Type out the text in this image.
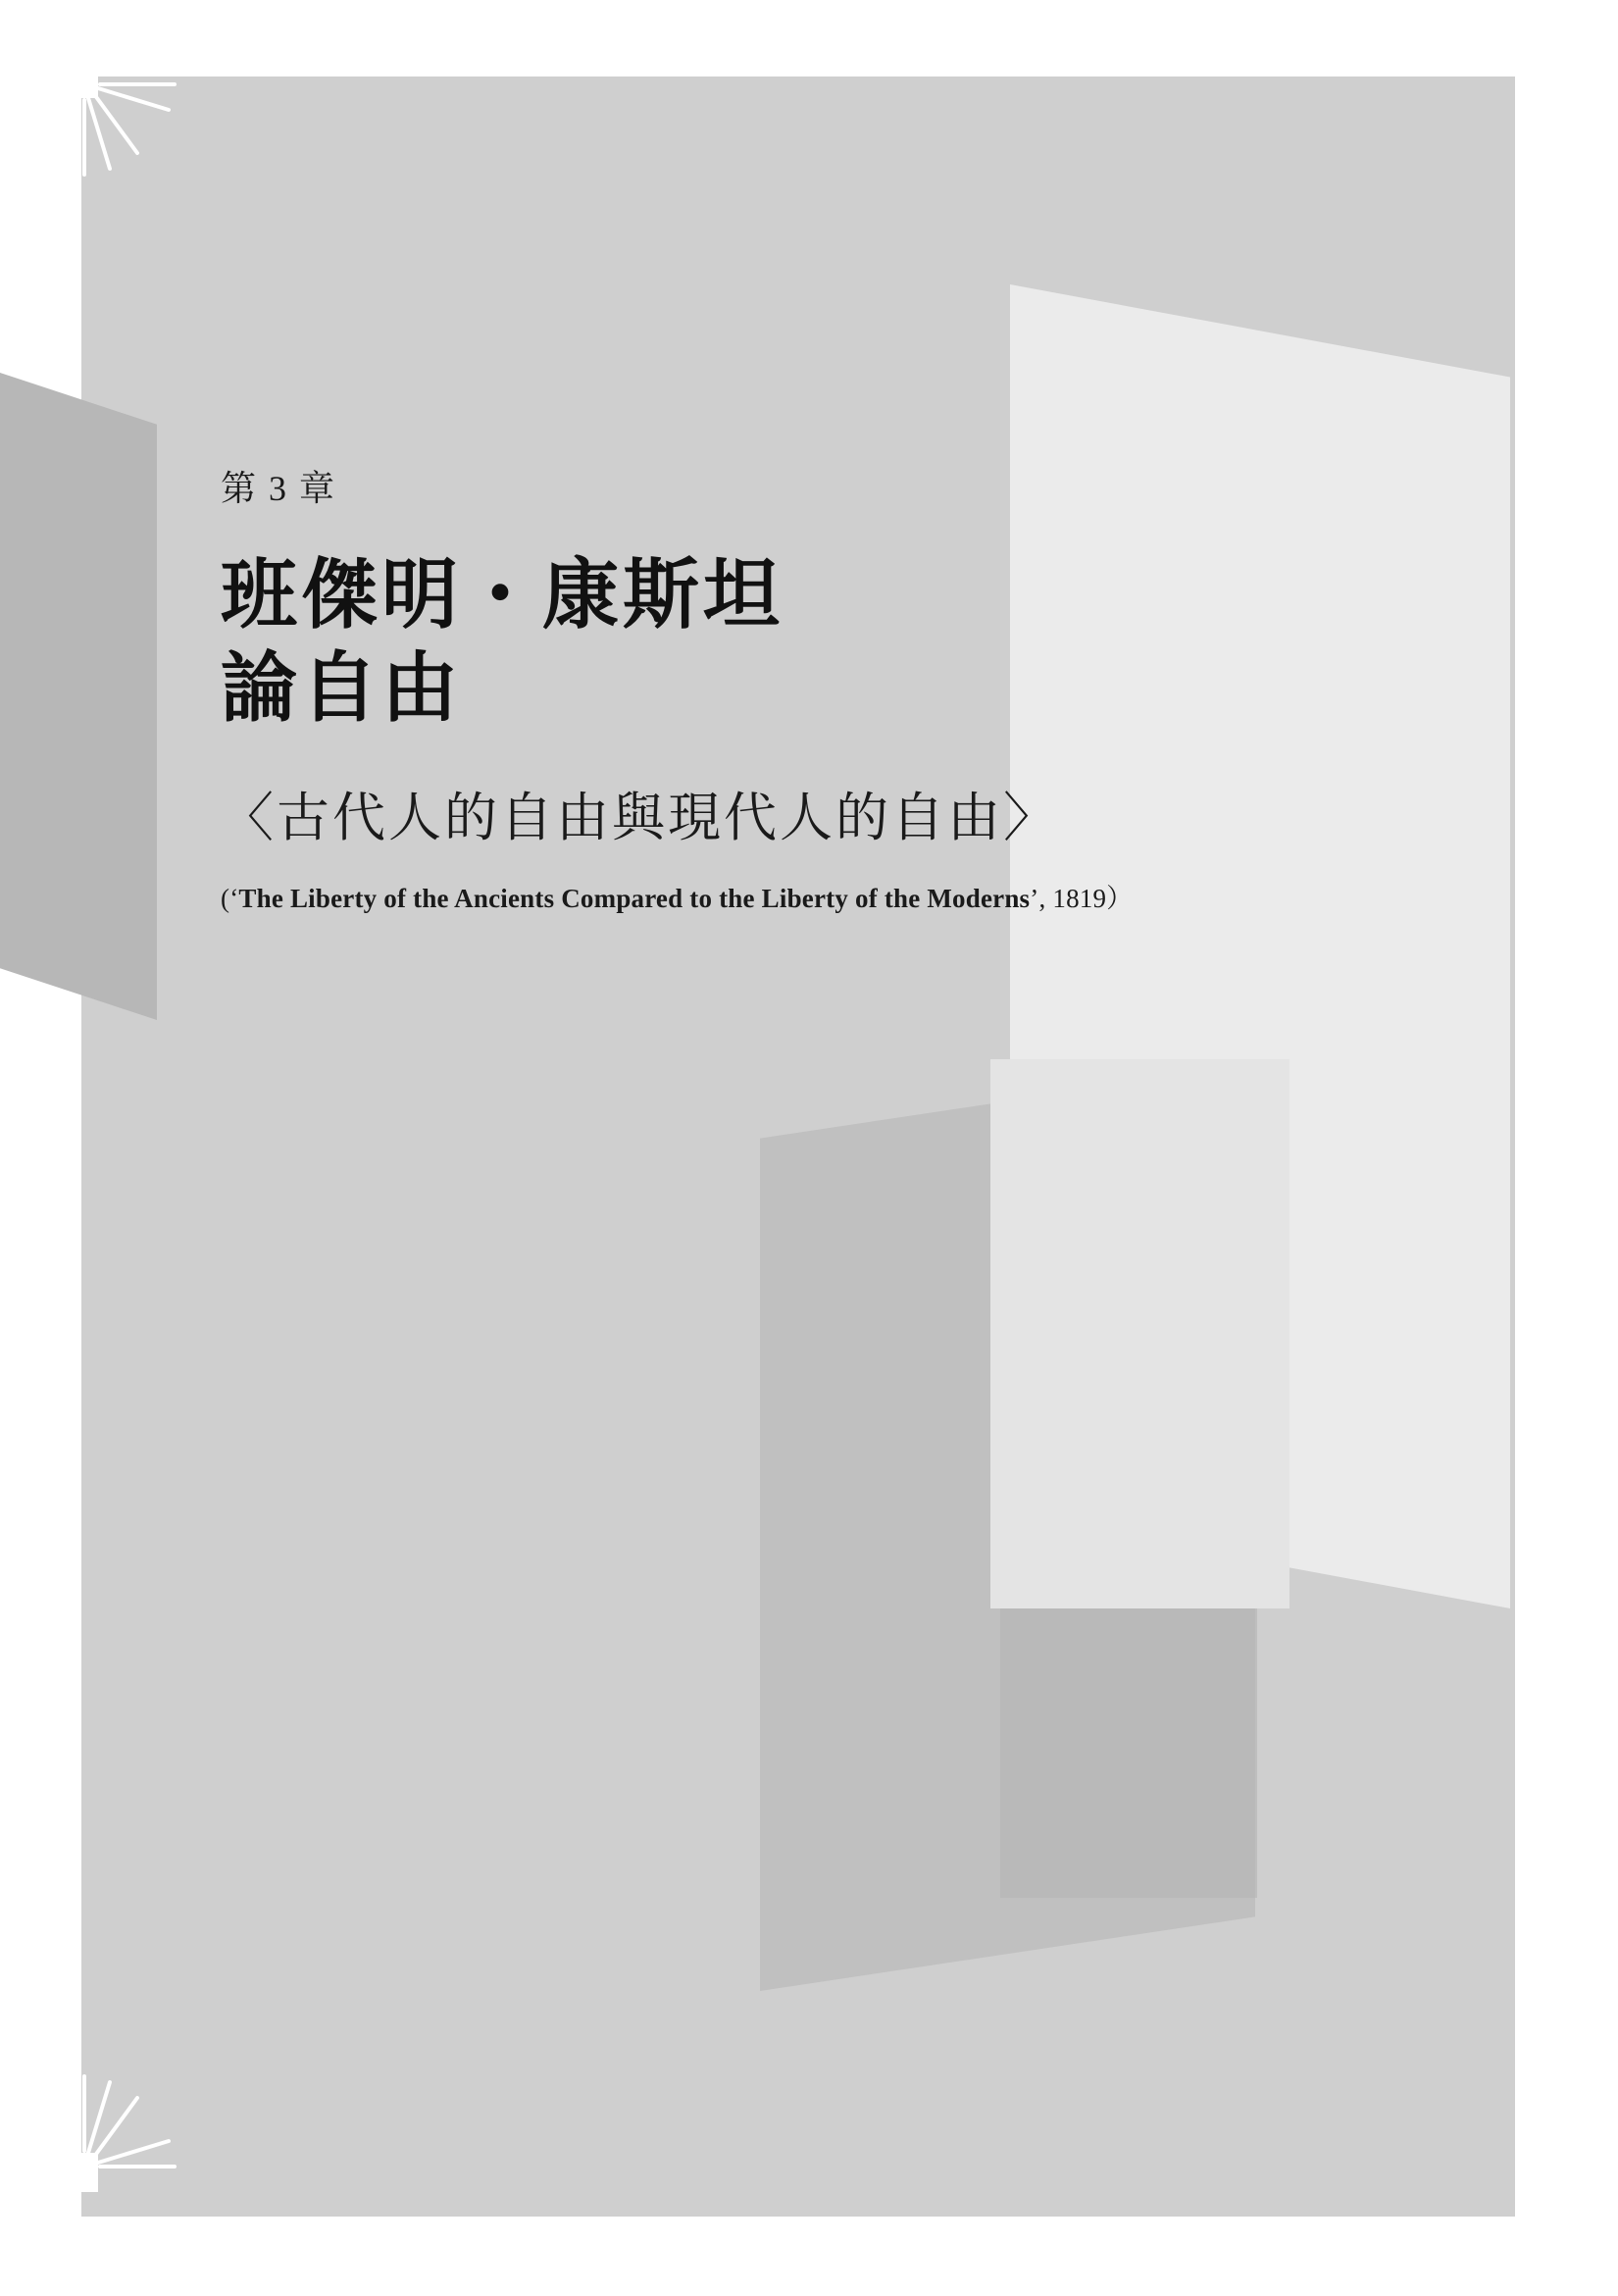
第 3 章
班傑明・康斯坦
論自由
〈古代人的自由與現代人的自由〉
(‘The Liberty of the Ancients Compared to the Liberty of the Moderns’, 1819）
